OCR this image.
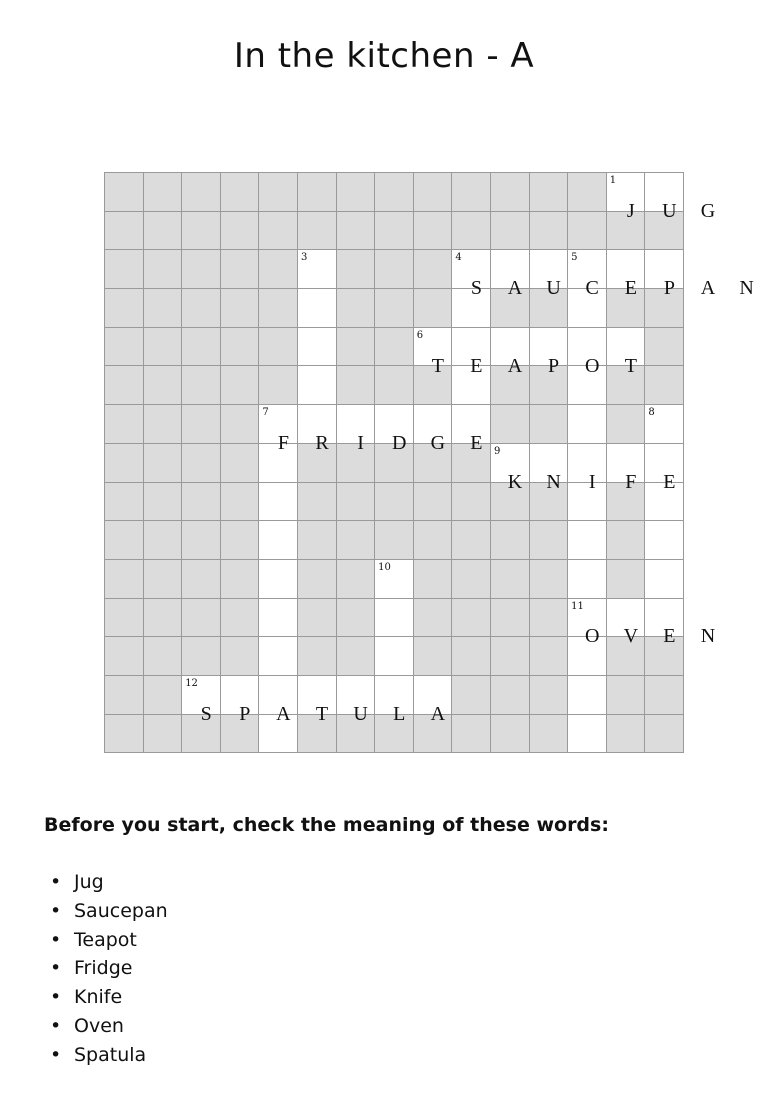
In the kitchen - A
1
3	4	5
6
7	8
9
10
11
12
J	U	G
S	A	U	C	E	P	A	N
T	E	A	P	O	T
F	R	I	D	G	E
K	N	I	F	E
O	V	E	N
S	P	A	T	U	L	A
Before you start, check the meaning of these words:
• Jug
• Saucepan
• Teapot
• Fridge
• Knife
• Oven
• Spatula
